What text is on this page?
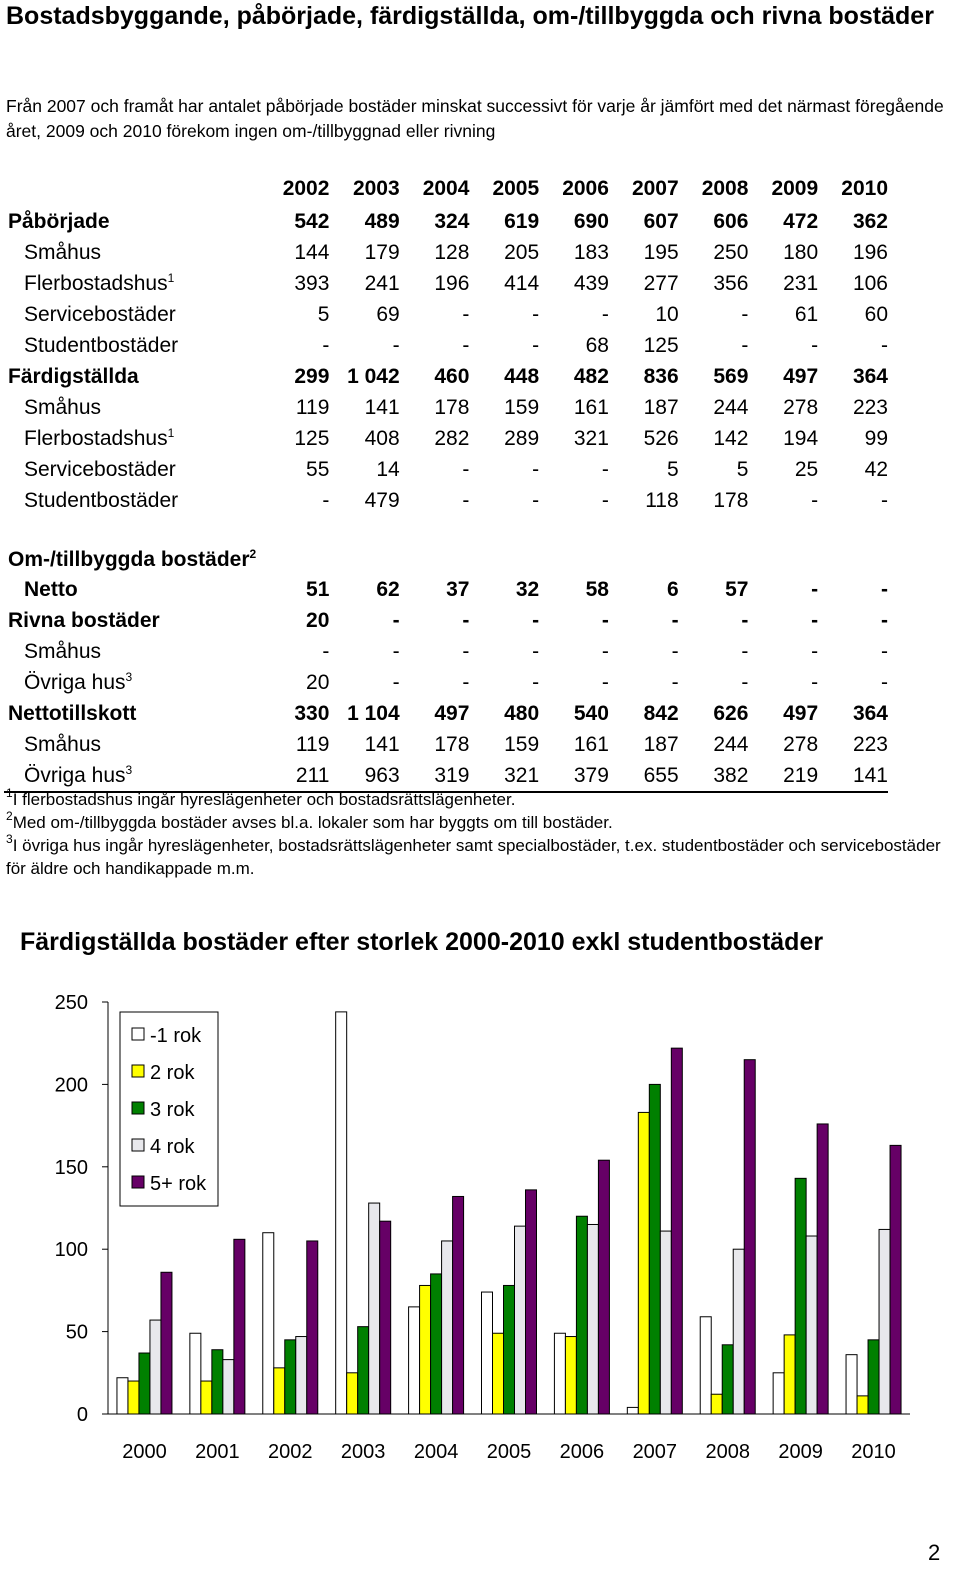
Bostadsbyggande, påbörjade, färdigställda, om-/tillbyggda och rivna bostäder
Från 2007 och framåt har antalet påbörjade bostäder minskat successivt för varje år jämfört med det närmast föregående året, 2009 och 2010 förekom ingen om-/tillbyggnad eller rivning
	2002	2003	2004	2005	2006	2007	2008	2009	2010
Påbörjade	542	489	324	619	690	607	606	472	362
Småhus	144	179	128	205	183	195	250	180	196
Flerbostadshus$^1$	393	241	196	414	439	277	356	231	106
Servicebostäder	5	69	-	-	-	10	-	61	60
Studentbostäder	-	-	-	-	68	125	-	-	-
Färdigställda	299	1 042	460	448	482	836	569	497	364
Småhus	119	141	178	159	161	187	244	278	223
Flerbostadshus$^1$	125	408	282	289	321	526	142	194	99
Servicebostäder	55	14	-	-	-	5	5	25	42
Studentbostäder	-	479	-	-	-	118	178	-	-
Om-/tillbyggda bostäder$^2$									
Netto	51	62	37	32	58	6	57	-	-
Rivna bostäder	20	-	-	-	-	-	-	-	-
Småhus	-	-	-	-	-	-	-	-	-
Övriga hus$^3$	20	-	-	-	-	-	-	-	-
Nettotillskott	330	1 104	497	480	540	842	626	497	364
Småhus	119	141	178	159	161	187	244	278	223
Övriga hus$^3$	211	963	319	321	379	655	382	219	141
$^1$I flerbostadshus ingår hyreslägenheter och bostadsrättslägenheter.
$^2$Med om-/tillbyggda bostäder avses bl.a. lokaler som har byggts om till bostäder.
$^3$I övriga hus ingår hyreslägenheter, bostadsrättslägenheter samt specialbostäder, t.ex. studentbostäder och servicebostäder för äldre och handikappade m.m.
Färdigställda bostäder efter storlek 2000-2010 exkl studentbostäder
0
50
100
150
200
250
2000 2001 2002 2003 2004 2005 2006 2007 2008 2009 2010
-1 rok
2 rok
3 rok
4 rok
5+ rok
2
